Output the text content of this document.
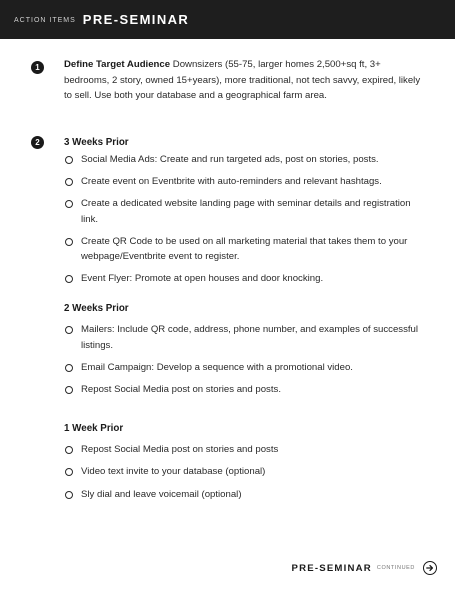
ACTION ITEMS PRE-SEMINAR
1	Define Target Audience Downsizers (55-75, larger homes 2,500+sq ft, 3+ bedrooms, 2 story, owned 15+years), more traditional, not tech savvy, expired, likely to sell. Use both your database and a geographical farm area.

2	3 Weeks Prior
Social Media Ads: Create and run targeted ads, post on stories, posts.
Create event on Eventbrite with auto-reminders and relevant hashtags.
Create a dedicated website landing page with seminar details and registration link.
Create QR Code to be used on all marketing material that takes them to your webpage/Eventbrite event to register.
Event Flyer: Promote at open houses and door knocking.
2 Weeks Prior
Mailers: Include QR code, address, phone number, and examples of successful listings.
Email Campaign: Develop a sequence with a promotional video.
Repost Social Media post on stories and posts.
1 Week Prior
Repost Social Media post on stories and posts
Video text invite to your database (optional)
Sly dial and leave voicemail (optional)
PRE-SEMINAR CONTINUED
